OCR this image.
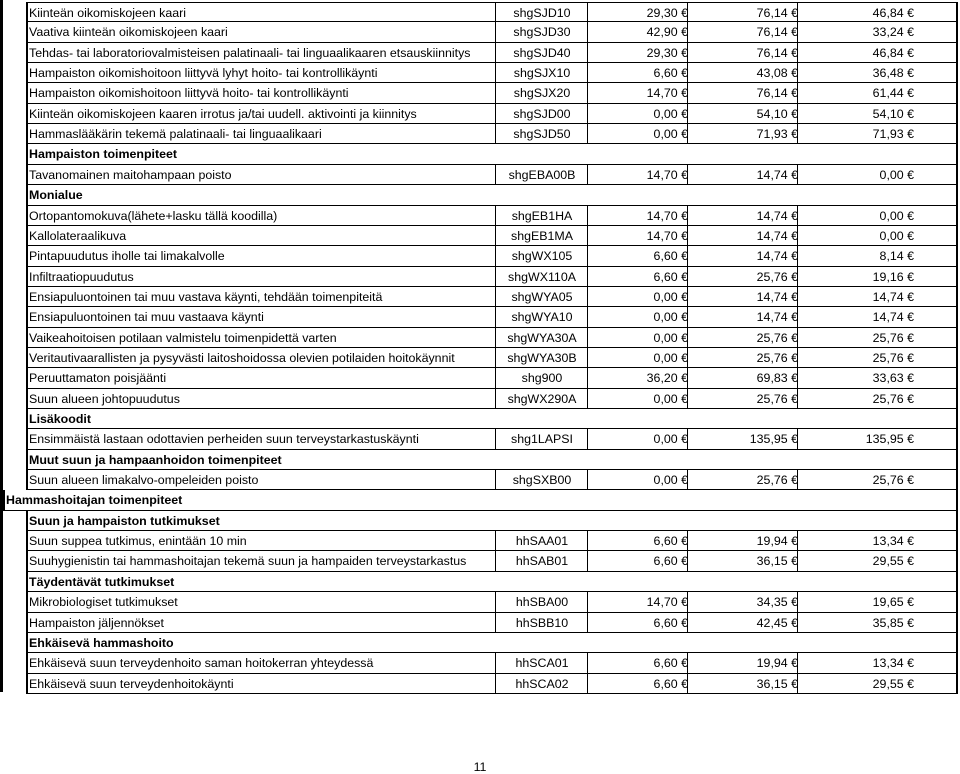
Kiinteän oikomiskojeen kaari	shgSJD10	29,30 €	76,14 €	46,84 €
Vaativa kiinteän oikomiskojeen kaari	shgSJD30	42,90 €	76,14 €	33,24 €
Tehdas- tai laboratoriovalmisteisen palatinaali- tai linguaalikaaren etsauskiinnitys	shgSJD40	29,30 €	76,14 €	46,84 €
Hampaiston oikomishoitoon liittyvä lyhyt hoito- tai kontrollikäynti	shgSJX10	6,60 €	43,08 €	36,48 €
Hampaiston oikomishoitoon liittyvä hoito- tai kontrollikäynti	shgSJX20	14,70 €	76,14 €	61,44 €
Kiinteän oikomiskojeen kaaren irrotus ja/tai uudell. aktivointi ja kiinnitys	shgSJD00	0,00 €	54,10 €	54,10 €
Hammaslääkärin tekemä palatinaali- tai linguaalikaari	shgSJD50	0,00 €	71,93 €	71,93 €
Hampaiston toimenpiteet
Tavanomainen maitohampaan poisto	shgEBA00B	14,70 €	14,74 €	0,00 €
Monialue
Ortopantomokuva(lähete+lasku tällä koodilla)	shgEB1HA	14,70 €	14,74 €	0,00 €
Kallolateraalikuva	shgEB1MA	14,70 €	14,74 €	0,00 €
Pintapuudutus iholle tai limakalvolle	shgWX105	6,60 €	14,74 €	8,14 €
Infiltraatiopuudutus	shgWX110A	6,60 €	25,76 €	19,16 €
Ensiapuluontoinen tai muu vastava käynti, tehdään toimenpiteitä	shgWYA05	0,00 €	14,74 €	14,74 €
Ensiapuluontoinen tai muu vastaava käynti	shgWYA10	0,00 €	14,74 €	14,74 €
Vaikeahoitoisen potilaan valmistelu toimenpidettä varten	shgWYA30A	0,00 €	25,76 €	25,76 €
Veritautivaarallisten ja pysyvästi laitoshoidossa olevien potilaiden hoitokäynnit	shgWYA30B	0,00 €	25,76 €	25,76 €
Peruuttamaton poisjäänti	shg900	36,20 €	69,83 €	33,63 €
Suun alueen johtopuudutus	shgWX290A	0,00 €	25,76 €	25,76 €
Lisäkoodit
Ensimmäistä lastaan odottavien perheiden suun terveystarkastuskäynti	shg1LAPSI	0,00 €	135,95 €	135,95 €
Muut suun ja hampaanhoidon toimenpiteet
Suun alueen limakalvo-ompeleiden poisto	shgSXB00	0,00 €	25,76 €	25,76 €
Hammashoitajan toimenpiteet
Suun ja hampaiston tutkimukset
Suun suppea tutkimus, enintään 10 min	hhSAA01	6,60 €	19,94 €	13,34 €
Suuhygienistin tai hammashoitajan tekemä suun ja hampaiden terveystarkastus	hhSAB01	6,60 €	36,15 €	29,55 €
Täydentävät tutkimukset
Mikrobiologiset tutkimukset	hhSBA00	14,70 €	34,35 €	19,65 €
Hampaiston jäljennökset	hhSBB10	6,60 €	42,45 €	35,85 €
Ehkäisevä hammashoito
Ehkäisevä suun terveydenhoito saman hoitokerran yhteydessä	hhSCA01	6,60 €	19,94 €	13,34 €
Ehkäisevä suun terveydenhoitokäynti	hhSCA02	6,60 €	36,15 €	29,55 €
11
